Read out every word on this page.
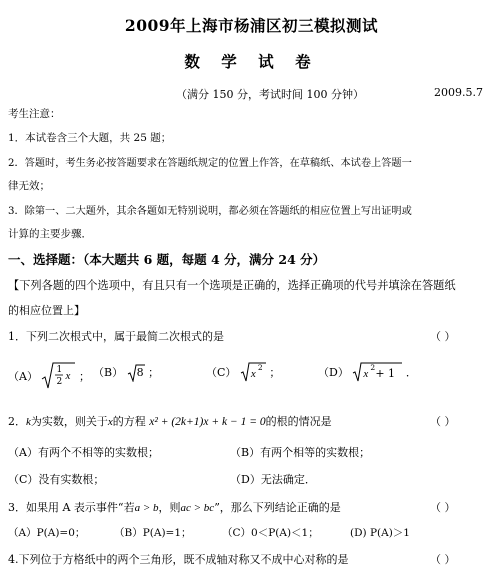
2009年上海市杨浦区初三模拟测试
数 学 试 卷
（满分 150 分，考试时间 100 分钟）	2009.5.7
考生注意：
1．本试卷含三个大题，共 25 题；
2．答题时，考生务必按答题要求在答题纸规定的位置上作答，在草稿纸、本试卷上答题一
律无效；
3．除第一、二大题外，其余各题如无特别说明，都必须在答题纸的相应位置上写出证明或
计算的主要步骤．
一、选择题：（本大题共 6 题，每题 4 分，满分 24 分）
【下列各题的四个选项中，有且只有一个选项是正确的，选择正确项的代号并填涂在答题纸
的相应位置上】
1．下列二次根式中，属于最简二次根式的是	（ ）
（A） 1
2 x ； （B） 8 ；	（C） x
2 ；	（D） x
2 + 1 ．
2．k为实数，则关于x的方程 x² + (2k+1)x + k − 1 = 0的根的情况是	（ ）
（A）有两个不相等的实数根；	（B）有两个相等的实数根；
（C）没有实数根；	（D）无法确定．
3．如果用 A 表示事件“若a > b，则ac > bc”，那么下列结论正确的是	（ ）
（A）P(A)=0；	（B）P(A)=1；	（C）0＜P(A)＜1；	(D) P(A)＞1
4.下列位于方格纸中的两个三角形，既不成轴对称又不成中心对称的是	（ ）
